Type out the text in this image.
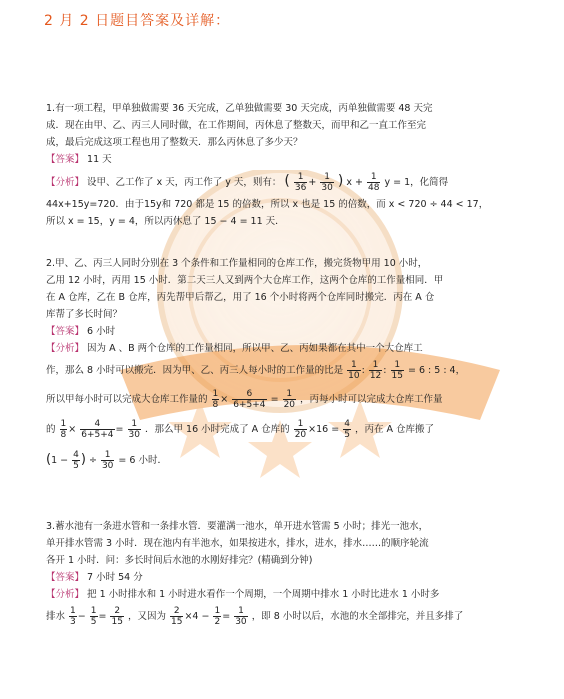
2 月 2 日题目答案及详解：
1.有一项工程，甲单独做需要 36 天完成，乙单独做需要 30 天完成，丙单独做需要 48 天完
成．现在由甲、乙、丙三人同时做，在工作期间，丙休息了整数天，而甲和乙一直工作至完
成，最后完成这项工程也用了整数天．那么丙休息了多少天？
【答案】 11 天
【分析】 设甲、乙工作了 x 天，丙工作了 y 天，则有： ( $\frac{1}{36} + \frac{1}{30}$ ) $x + \frac{1}{48}$ y = 1，化简得
44x+15y=720．由于15y和 720 都是 15 的倍数，所以 x 也是 15 的倍数，而 x < 720 ÷ 44 < 17，
所以 x = 15，y = 4，所以丙休息了 15 − 4 = 11 天．
2.甲、乙、丙三人同时分别在 3 个条件和工作量相同的仓库工作，搬完货物甲用 10 小时，
乙用 12 小时，丙用 15 小时．第二天三人又到两个大仓库工作，这两个仓库的工作量相同．甲
在 A 仓库，乙在 B 仓库，丙先帮甲后帮乙，用了 16 个小时将两个仓库同时搬完．丙在 A 仓
库帮了多长时间？
【答案】 6 小时
【分析】 因为 A 、B 两个仓库的工作量相同，所以甲、乙、丙如果都在其中一个大仓库工
作，那么 8 小时可以搬完．因为甲、乙、丙三人每小时的工作量的比是 $\frac{1}{10}$ : $\frac{1}{12}$ : $\frac{1}{15} = 6$ : 5 : 4，
所以甲每小时可以完成大仓库工作量的 $\frac{1}{8} \times \frac{6}{6+5+4} = \frac{1}{20}$ ，丙每小时可以完成大仓库工作量
的 $\frac{1}{8} \times \frac{4}{6+5+4} = \frac{1}{30}$ ．那么甲 16 小时完成了 A 仓库的 $\frac{1}{20} \times 16 = \frac{4}{5}$ ，丙在 A 仓库搬了
($1 - \frac{4}{5}$ ) ÷ $\frac{1}{30} = 6$ 小时．
3.蓄水池有一条进水管和一条排水管．要灌满一池水，单开进水管需 5 小时；排光一池水，
单开排水管需 3 小时．现在池内有半池水，如果按进水，排水，进水，排水……的顺序轮流
各开 1 小时．问：多长时间后水池的水刚好排完？(精确到分钟)
【答案】 7 小时 54 分
【分析】 把 1 小时排水和 1 小时进水看作一个周期，一个周期中排水 1 小时比进水 1 小时多
排水 $\frac{1}{3} - \frac{1}{5} = \frac{2}{15}$ ，又因为 $\frac{2}{15} \times 4 - \frac{1}{2} = \frac{1}{30}$ ，即 8 小时以后，水池的水全部排完，并且多排了
